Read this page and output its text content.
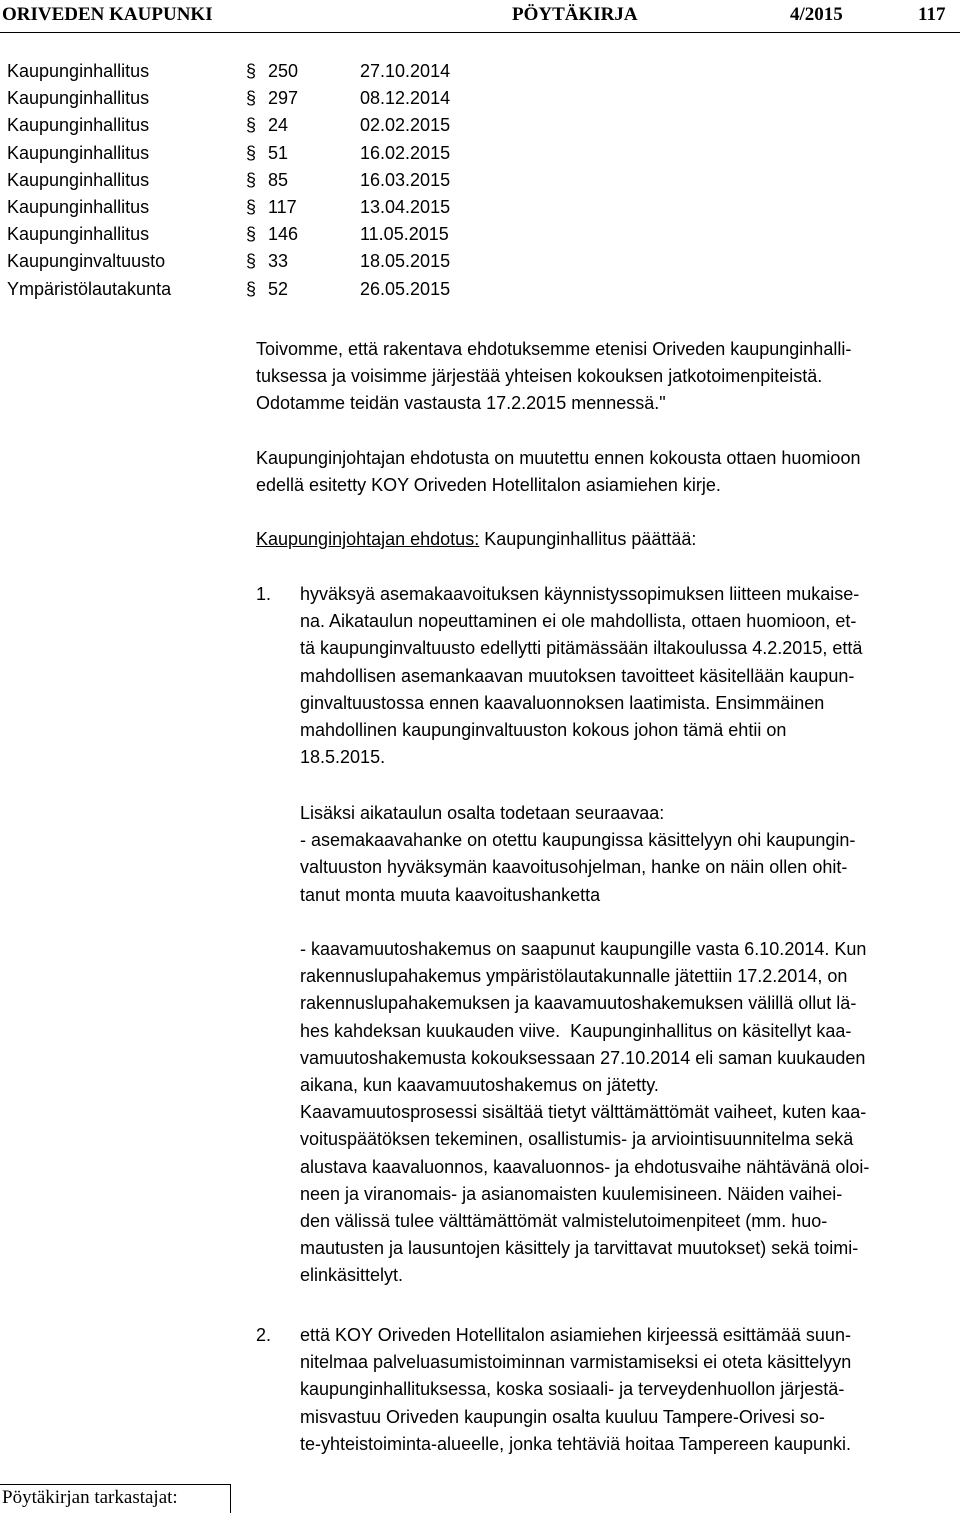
ORIVEDEN KAUPUNKI	PÖYTÄKIRJA	4/2015	117
Kaupunginhallitus	§ 250	27.10.2014
Kaupunginhallitus	§ 297	08.12.2014
Kaupunginhallitus	§ 24	02.02.2015
Kaupunginhallitus	§ 51	16.02.2015
Kaupunginhallitus	§ 85	16.03.2015
Kaupunginhallitus	§ 117	13.04.2015
Kaupunginhallitus	§ 146	11.05.2015
Kaupunginvaltuusto	§ 33	18.05.2015
Ympäristölautakunta	§ 52	26.05.2015
Toivomme, että rakentava ehdotuksemme etenisi Oriveden kaupunginhalli-
tuksessa ja voisimme järjestää yhteisen kokouksen jatkotoimenpiteistä.
Odotamme teidän vastausta 17.2.2015 mennessä."
Kaupunginjohtajan ehdotusta on muutettu ennen kokousta ottaen huomioon
edellä esitetty KOY Oriveden Hotellitalon asiamiehen kirje.
Kaupunginjohtajan ehdotus: Kaupunginhallitus päättää:
1. hyväksyä asemakaavoituksen käynnistyssopimuksen liitteen mukaise-
na. Aikataulun nopeuttaminen ei ole mahdollista, ottaen huomioon, et-
tä kaupunginvaltuusto edellytti pitämässään iltakoulussa 4.2.2015, että
mahdollisen asemankaavan muutoksen tavoitteet käsitellään kaupun-
ginvaltuustossa ennen kaavaluonnoksen laatimista. Ensimmäinen
mahdollinen kaupunginvaltuuston kokous johon tämä ehtii on
18.5.2015.
Lisäksi aikataulun osalta todetaan seuraavaa:
- asemakaavahanke on otettu kaupungissa käsittelyyn ohi kaupungin-
valtuuston hyväksymän kaavoitusohjelman, hanke on näin ollen ohit-
tanut monta muuta kaavoitushanketta
- kaavamuutoshakemus on saapunut kaupungille vasta 6.10.2014. Kun
rakennuslupahakemus ympäristölautakunnalle jätettiin 17.2.2014, on
rakennuslupahakemuksen ja kaavamuutoshakemuksen välillä ollut lä-
hes kahdeksan kuukauden viive.  Kaupunginhallitus on käsitellyt kaa-
vamuutoshakemusta kokouksessaan 27.10.2014 eli saman kuukauden
aikana, kun kaavamuutoshakemus on jätetty.
Kaavamuutosprosessi sisältää tietyt välttämättömät vaiheet, kuten kaa-
voituspäätöksen tekeminen, osallistumis- ja arviointisuunnitelma sekä
alustava kaavaluonnos, kaavaluonnos- ja ehdotusvaihe nähtävänä oloi-
neen ja viranomais- ja asianomaisten kuulemisineen. Näiden vaihei-
den välissä tulee välttämättömät valmistelutoimenpiteet (mm. huo-
mautusten ja lausuntojen käsittely ja tarvittavat muutokset) sekä toimi-
elinkäsittelyt.
2. että KOY Oriveden Hotellitalon asiamiehen kirjeessä esittämää suun-
nitelmaa palveluasumistoiminnan varmistamiseksi ei oteta käsittelyyn
kaupunginhallituksessa, koska sosiaali- ja terveydenhuollon järjestä-
misvastuu Oriveden kaupungin osalta kuuluu Tampere-Orivesi so-
te-yhteistoiminta-alueelle, jonka tehtäviä hoitaa Tampereen kaupunki.
Pöytäkirjan tarkastajat:
